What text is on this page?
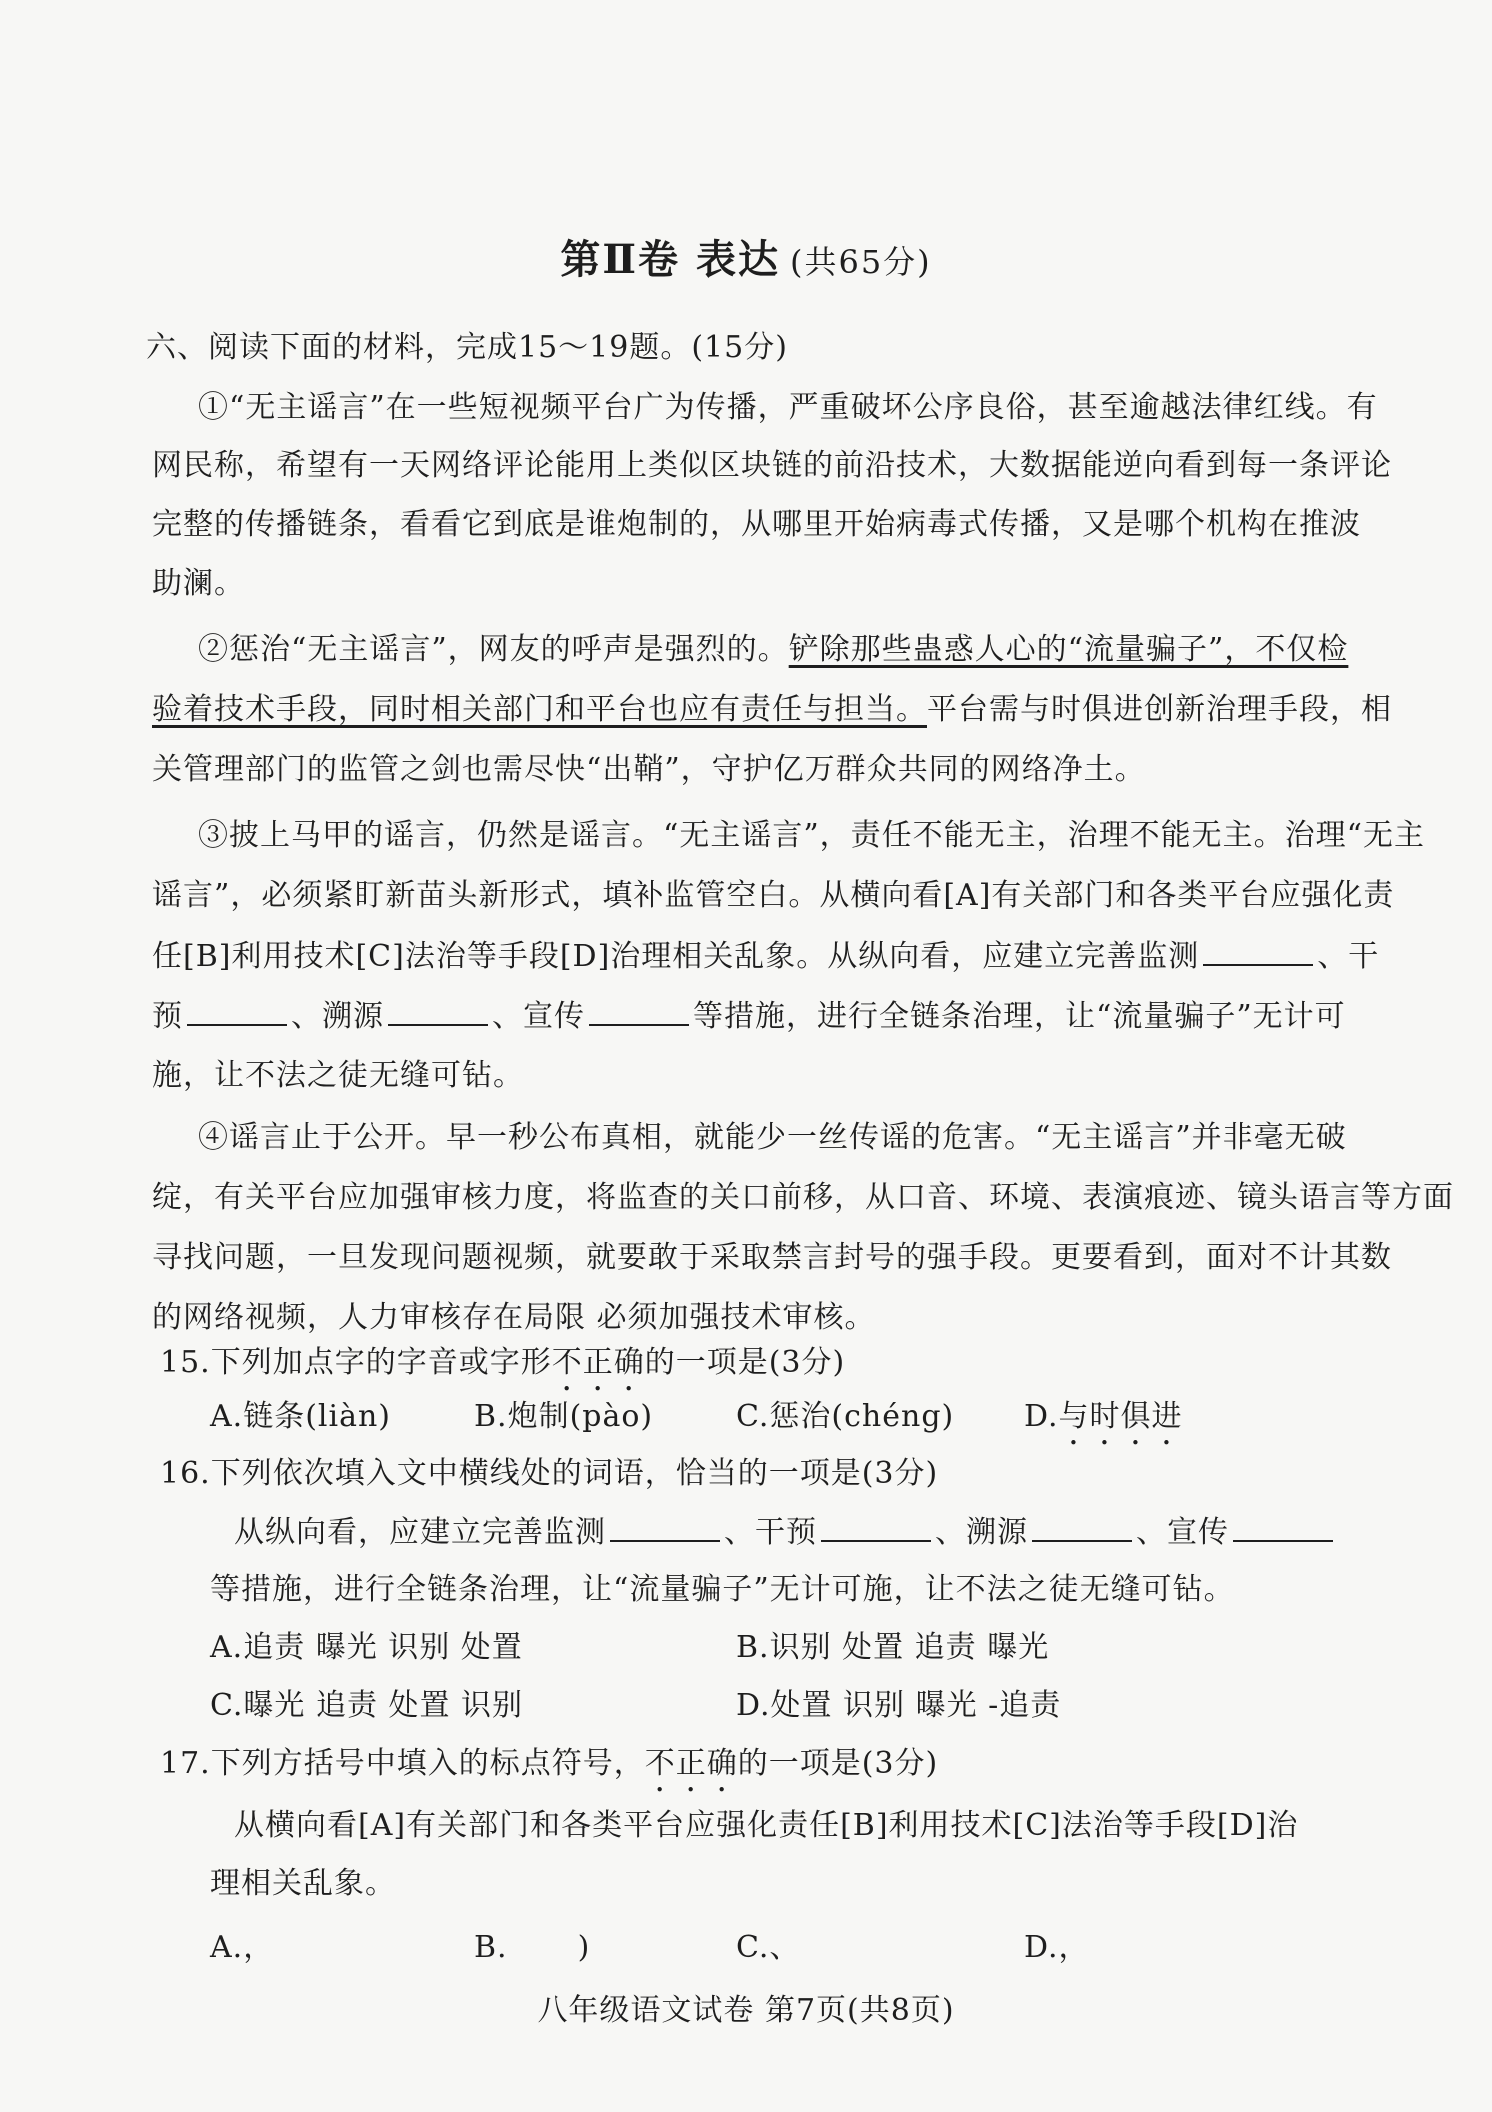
第Ⅱ卷 表达 (共65分)
六、阅读下面的材料，完成15～19题。(15分)
①“无主谣言”在一些短视频平台广为传播，严重破坏公序良俗，甚至逾越法律红线。有
网民称，希望有一天网络评论能用上类似区块链的前沿技术，大数据能逆向看到每一条评论
完整的传播链条，看看它到底是谁炮制的，从哪里开始病毒式传播，又是哪个机构在推波
助澜。
②惩治“无主谣言”，网友的呼声是强烈的。铲除那些蛊惑人心的“流量骗子”，不仅检
验着技术手段，同时相关部门和平台也应有责任与担当。平台需与时俱进创新治理手段，相
关管理部门的监管之剑也需尽快“出鞘”，守护亿万群众共同的网络净土。
③披上马甲的谣言，仍然是谣言。“无主谣言”，责任不能无主，治理不能无主。治理“无主
谣言”，必须紧盯新苗头新形式，填补监管空白。从横向看[A]有关部门和各类平台应强化责
任[B]利用技术[C]法治等手段[D]治理相关乱象。从纵向看，应建立完善监测	、干
预	、溯源	、宣传	等措施，进行全链条治理，让“流量骗子”无计可
施，让不法之徒无缝可钻。
④谣言止于公开。早一秒公布真相，就能少一丝传谣的危害。“无主谣言”并非毫无破
绽，有关平台应加强审核力度，将监查的关口前移，从口音、环境、表演痕迹、镜头语言等方面
寻找问题，一旦发现问题视频，就要敢于采取禁言封号的强手段。更要看到，面对不计其数
的网络视频，人力审核存在局限 必须加强技术审核。
15.下列加点字的字音或字形不正确的一项是(3分)
A.链条(liàn)	B.炮制(pào)	C.惩治(chéng) D.与时俱进
16.下列依次填入文中横线处的词语，恰当的一项是(3分)
从纵向看，应建立完善监测	、干预	、溯源	、宣传
等措施，进行全链条治理，让“流量骗子”无计可施，让不法之徒无缝可钻。
A.追责 曝光 识别 处置	B.识别 处置 追责 曝光
C.曝光 追责 处置 识别	D.处置 识别 曝光 -追责
17.下列方括号中填入的标点符号，不正确的一项是(3分)
从横向看[A]有关部门和各类平台应强化责任[B]利用技术[C]法治等手段[D]治
理相关乱象。
A.，	B. )	C.、	D.，
八年级语文试卷 第7页(共8页)
